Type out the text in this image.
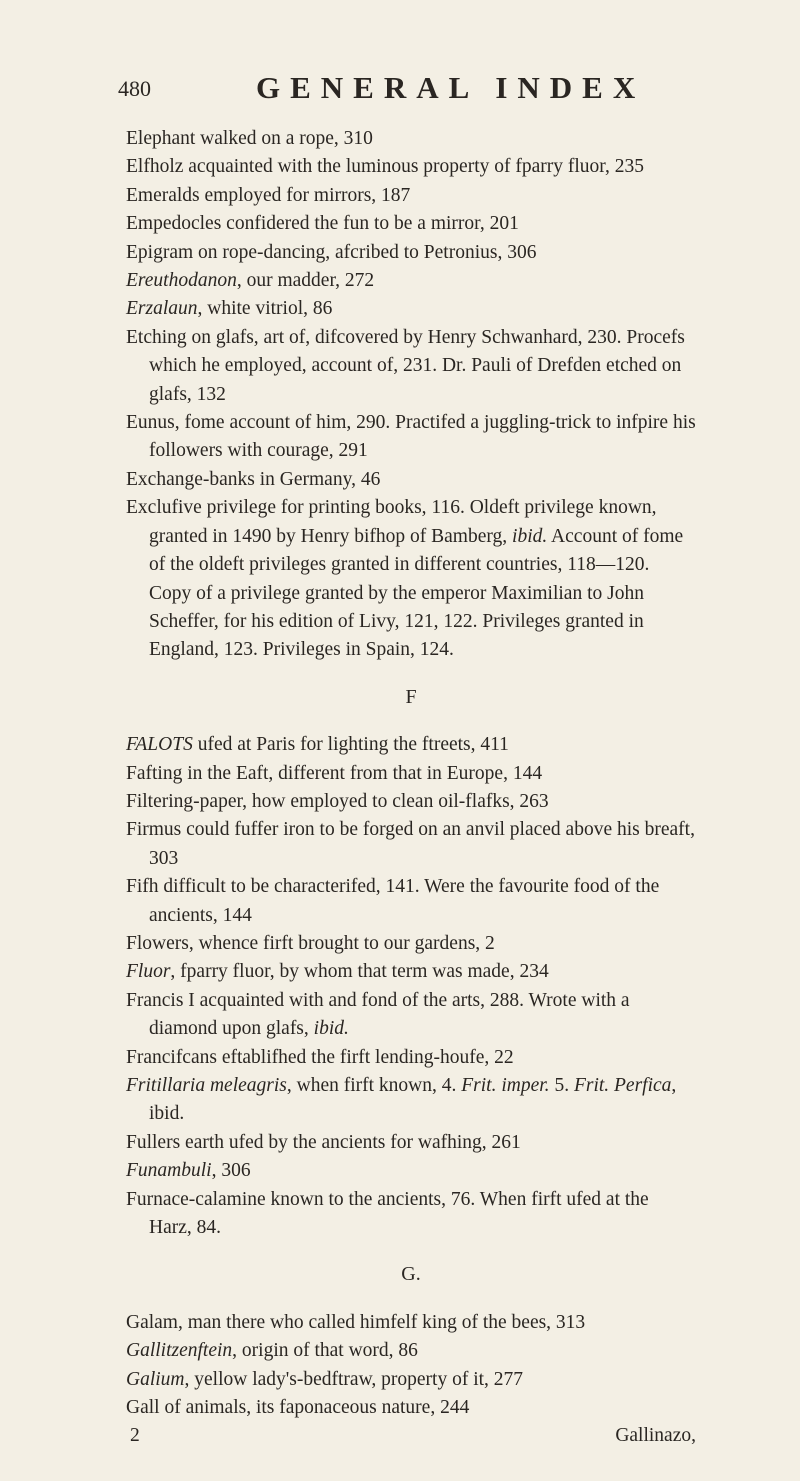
480	GENERAL INDEX

Elephant walked on a rope, 310

Elfholz acquainted with the luminous property of fparry fluor, 235

Emeralds employed for mirrors, 187

Empedocles confidered the fun to be a mirror, 201

Epigram on rope-dancing, afcribed to Petronius, 306

Ereuthodanon, our madder, 272

Erzalaun, white vitriol, 86

Etching on glafs, art of, difcovered by Henry Schwanhard, 230. Procefs which he employed, account of, 231. Dr. Pauli of Drefden etched on glafs, 132

Eunus, fome account of him, 290. Practifed a juggling-trick to infpire his followers with courage, 291

Exchange-banks in Germany, 46

Exclufive privilege for printing books, 116. Oldeft privilege known, granted in 1490 by Henry bifhop of Bamberg, ibid. Account of fome of the oldeft privileges granted in different countries, 118—120. Copy of a privilege granted by the emperor Maximilian to John Scheffer, for his edition of Livy, 121, 122. Privileges granted in England, 123. Privileges in Spain, 124.

F

FALOTS ufed at Paris for lighting the ftreets, 411

Fafting in the Eaft, different from that in Europe, 144

Filtering-paper, how employed to clean oil-flafks, 263

Firmus could fuffer iron to be forged on an anvil placed above his breaft, 303

Fifh difficult to be characterifed, 141. Were the favourite food of the ancients, 144

Flowers, whence firft brought to our gardens, 2

Fluor, fparry fluor, by whom that term was made, 234

Francis I acquainted with and fond of the arts, 288. Wrote with a diamond upon glafs, ibid.

Francifcans eftablifhed the firft lending-houfe, 22

Fritillaria meleagris, when firft known, 4. Frit. imper. 5. Frit. Perfica, ibid.

Fullers earth ufed by the ancients for wafhing, 261

Funambuli, 306

Furnace-calamine known to the ancients, 76. When firft ufed at the Harz, 84.

G.

Galam, man there who called himfelf king of the bees, 313

Gallitzenftein, origin of that word, 86

Galium, yellow lady's-bedftraw, property of it, 277

Gall of animals, its faponaceous nature, 244

2	Gallinazo,
